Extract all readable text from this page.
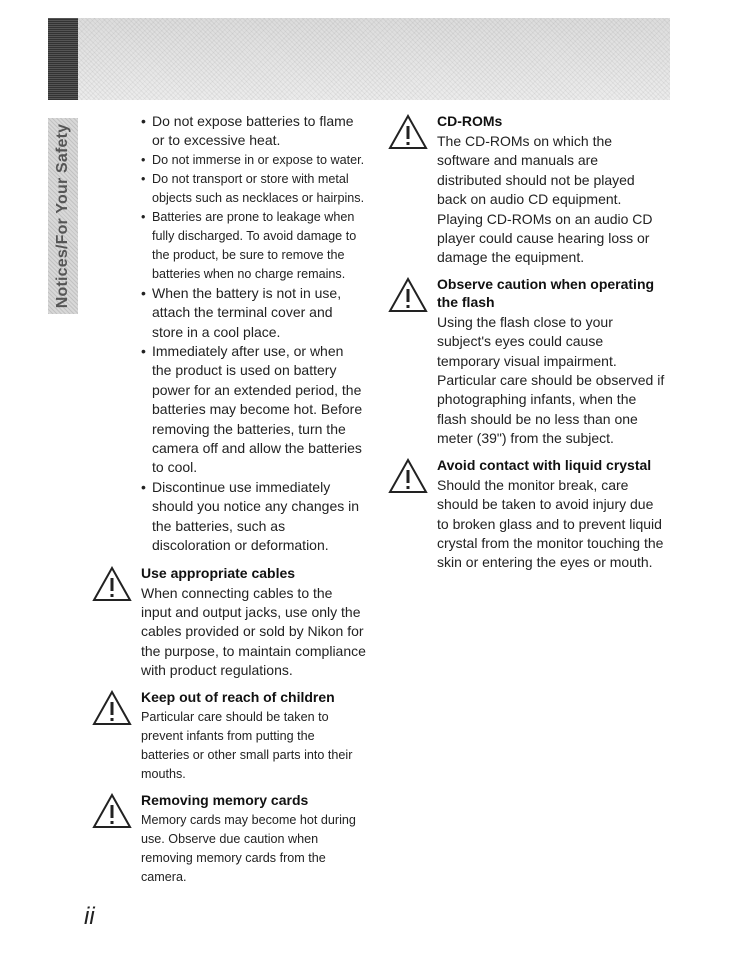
Notices/For Your Safety
• Do not expose batteries to flame or to excessive heat.
• Do not immerse in or expose to water.
• Do not transport or store with metal objects such as necklaces or hairpins.
• Batteries are prone to leakage when fully discharged. To avoid damage to the product, be sure to remove the batteries when no charge remains.
• When the battery is not in use, attach the terminal cover and store in a cool place.
• Immediately after use, or when the product is used on battery power for an extended period, the batteries may become hot. Before removing the batteries, turn the camera off and allow the batteries to cool.
• Discontinue use immediately should you notice any changes in the batteries, such as discoloration or deformation.
Use appropriate cables

When connecting cables to the input and output jacks, use only the cables provided or sold by Nikon for the purpose, to maintain compliance with product regulations.

Keep out of reach of children

Particular care should be taken to prevent infants from putting the batteries or other small parts into their mouths.

Removing memory cards

Memory cards may become hot during use. Observe due caution when removing memory cards from the camera.

CD-ROMs

The CD-ROMs on which the software and manuals are distributed should not be played back on audio CD equipment. Playing CD-ROMs on an audio CD player could cause hearing loss or damage the equipment.

Observe caution when operating the flash

Using the flash close to your subject's eyes could cause temporary visual impairment. Particular care should be observed if photographing infants, when the flash should be no less than one meter (39") from the subject.

Avoid contact with liquid crystal

Should the monitor break, care should be taken to avoid injury due to broken glass and to prevent liquid crystal from the monitor touching the skin or entering the eyes or mouth.

ii
